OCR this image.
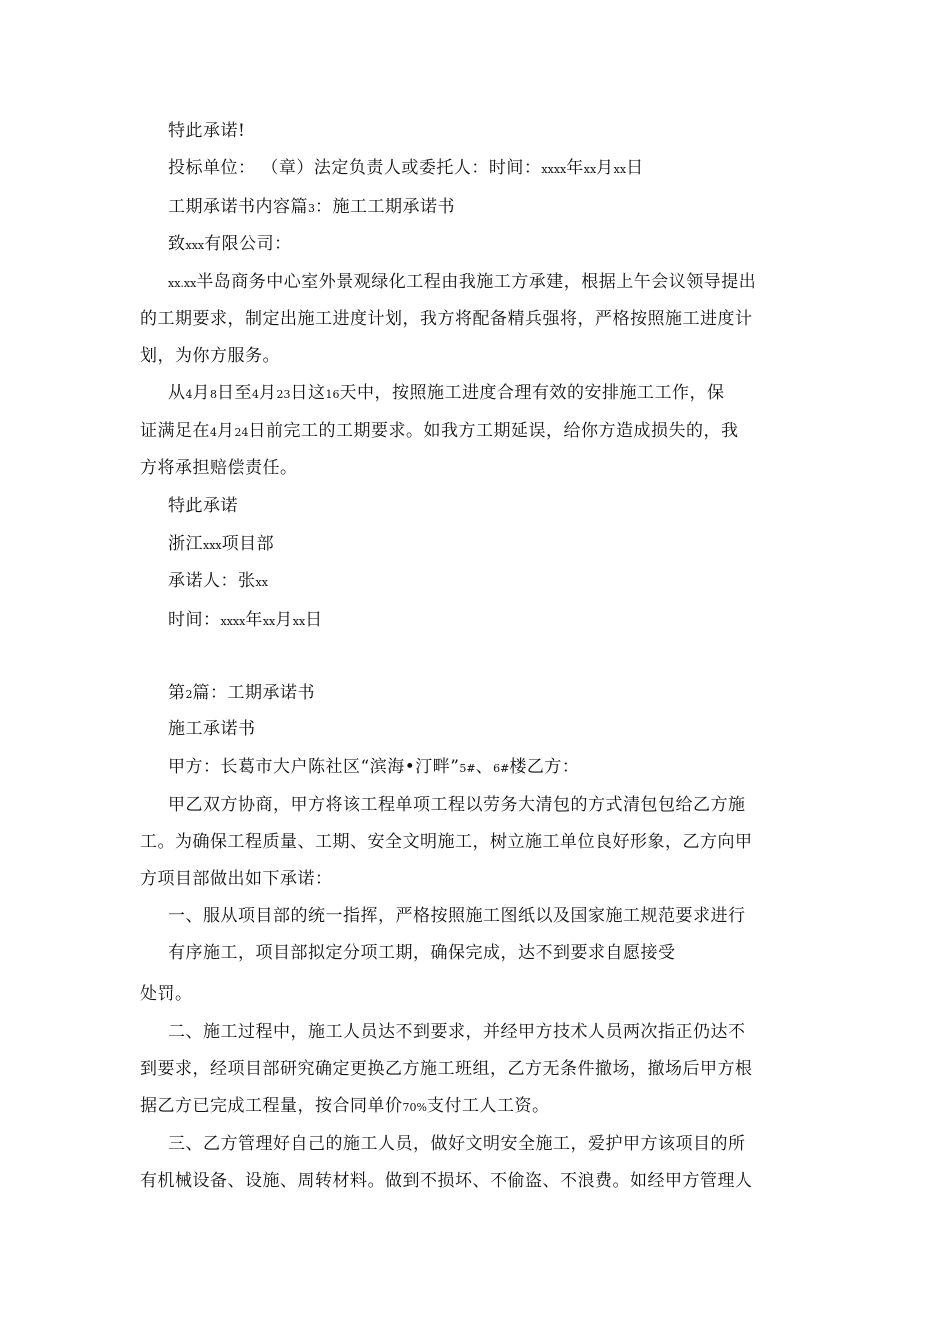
特此承诺!
投标单位： （章）法定负责人或委托人：时间：xxxx年xx月xx日
工期承诺书内容篇3：施工工期承诺书
致xxx有限公司：
xx.xx半岛商务中心室外景观绿化工程由我施工方承建，根据上午会议领导提出
的工期要求，制定出施工进度计划，我方将配备精兵强将，严格按照施工进度计
划，为你方服务。
从4月8日至4月23日这16天中，按照施工进度合理有效的安排施工工作，保
证满足在4月24日前完工的工期要求。如我方工期延误，给你方造成损失的，我
方将承担赔偿责任。
特此承诺
浙江xxx项目部
承诺人：张xx
时间：xxxx年xx月xx日
第2篇：工期承诺书
施工承诺书
甲方：长葛市大户陈社区“滨海•汀畔”5#、6#楼乙方：
甲乙双方协商，甲方将该工程单项工程以劳务大清包的方式清包包给乙方施
工。为确保工程质量、工期、安全文明施工，树立施工单位良好形象，乙方向甲
方项目部做出如下承诺：
一、服从项目部的统一指挥，严格按照施工图纸以及国家施工规范要求进行
有序施工，项目部拟定分项工期，确保完成，达不到要求自愿接受
处罚。
二、施工过程中，施工人员达不到要求，并经甲方技术人员两次指正仍达不
到要求，经项目部研究确定更换乙方施工班组，乙方无条件撤场，撤场后甲方根
据乙方已完成工程量，按合同单价70%支付工人工资。
三、乙方管理好自己的施工人员，做好文明安全施工，爱护甲方该项目的所
有机械设备、设施、周转材料。做到不损坏、不偷盗、不浪费。如经甲方管理人
